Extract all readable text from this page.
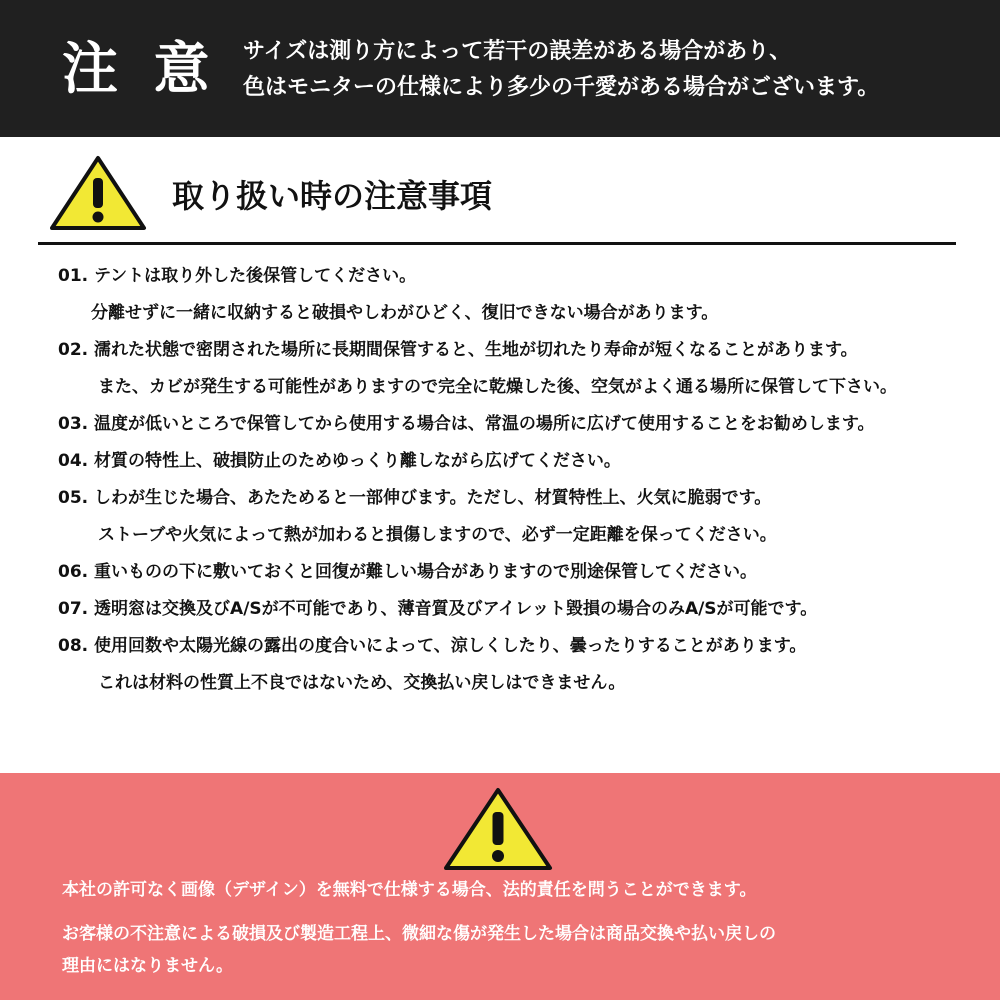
注 意 サイズは測り方によって若干の誤差がある場合があり、
色はモニターの仕様により多少の千愛がある場合がございます。
取り扱い時の注意事項
01. テントは取り外した後保管してください。
分離せずに一緒に収納すると破損やしわがひどく、復旧できない場合があります。
02. 濡れた状態で密閉された場所に長期間保管すると、生地が切れたり寿命が短くなることがあります。
また、カビが発生する可能性がありますので完全に乾燥した後、空気がよく通る場所に保管して下さい。
03. 温度が低いところで保管してから使用する場合は、常温の場所に広げて使用することをお勧めします。
04. 材質の特性上、破損防止のためゆっくり離しながら広げてください。
05. しわが生じた場合、あたためると一部伸びます。ただし、材質特性上、火気に脆弱です。
ストーブや火気によって熱が加わると損傷しますので、必ず一定距離を保ってください。
06. 重いものの下に敷いておくと回復が難しい場合がありますので別途保管してください。
07. 透明窓は交換及びA/Sが不可能であり、薄音質及びアイレット毀損の場合のみA/Sが可能です。
08. 使用回数や太陽光線の露出の度合いによって、涼しくしたり、曇ったりすることがあります。
これは材料の性質上不良ではないため、交換払い戻しはできません。
本社の許可なく画像（デザイン）を無料で仕様する場合、法的責任を問うことができます。
お客様の不注意による破損及び製造工程上、微細な傷が発生した場合は商品交換や払い戻しの
理由にはなりません。
